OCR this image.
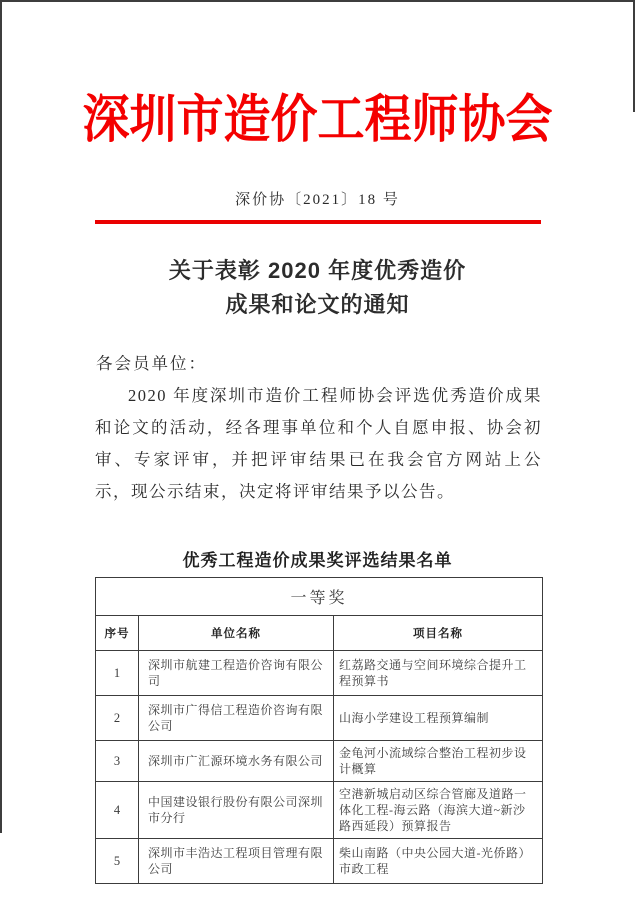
深圳市造价工程师协会
深价协〔2021〕18 号
关于表彰 2020 年度优秀造价
成果和论文的通知
各会员单位：

2020 年度深圳市造价工程师协会评选优秀造价成果和论文的活动，经各理事单位和个人自愿申报、协会初审、专家评审，并把评审结果已在我会官方网站上公示，现公示结束，决定将评审结果予以公告。

优秀工程造价成果奖评选结果名单
一等奖		
序号	单位名称	项目名称
1	深圳市航建工程造价咨询有限公司	红荔路交通与空间环境综合提升工程预算书
2	深圳市广得信工程造价咨询有限公司	山海小学建设工程预算编制
3	深圳市广汇源环境水务有限公司	金龟河小流域综合整治工程初步设计概算
4	中国建设银行股份有限公司深圳市分行	空港新城启动区综合管廊及道路一体化工程-海云路（海滨大道~新沙路西延段）预算报告
5	深圳市丰浩达工程项目管理有限公司	柴山南路（中央公园大道-光侨路）市政工程
